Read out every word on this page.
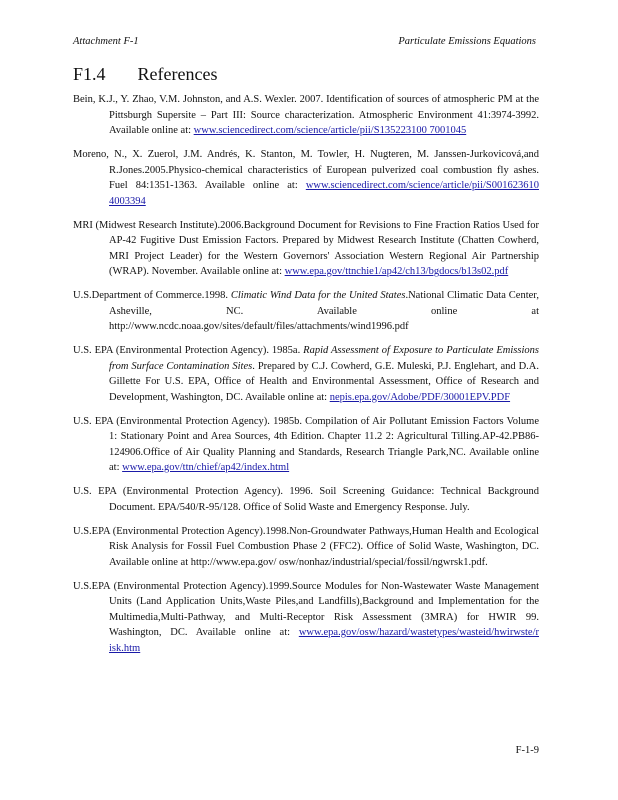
Attachment F-1	Particulate Emissions Equations
F1.4 References

Bein, K.J., Y. Zhao, V.M. Johnston, and A.S. Wexler. 2007. Identification of sources of atmospheric PM at the Pittsburgh Supersite – Part III: Source characterization. Atmospheric Environment 41:3974-3992. Available online at: www.sciencedirect.com/science/article/pii/S135223100 7001045

Moreno, N., X. Zuerol, J.M. Andrés, K. Stanton, M. Towler, H. Nugteren, M. Janssen-Jurkovicová,and R.Jones.2005.Physico-chemical characteristics of European pulverized coal combustion fly ashes. Fuel 84:1351-1363. Available online at: www.sciencedirect.com/science/article/pii/S001623610 4003394

MRI (Midwest Research Institute).2006.Background Document for Revisions to Fine Fraction Ratios Used for AP-42 Fugitive Dust Emission Factors. Prepared by Midwest Research Institute (Chatten Cowherd, MRI Project Leader) for the Western Governors' Association Western Regional Air Partnership (WRAP). November. Available online at: www.epa.gov/ttnchie1/ap42/ch13/bgdocs/b13s02.pdf

U.S.Department of Commerce.1998. Climatic Wind Data for the United States.National Climatic Data Center, Asheville, NC. Available online at http://www.ncdc.noaa.gov/sites/default/files/attachments/wind1996.pdf

U.S. EPA (Environmental Protection Agency). 1985a. Rapid Assessment of Exposure to Particulate Emissions from Surface Contamination Sites. Prepared by C.J. Cowherd, G.E. Muleski, P.J. Englehart, and D.A. Gillette For U.S. EPA, Office of Health and Environmental Assessment, Office of Research and Development, Washington, DC. Available online at: nepis.epa.gov/Adobe/PDF/30001EPV.PDF

U.S. EPA (Environmental Protection Agency). 1985b. Compilation of Air Pollutant Emission Factors Volume 1: Stationary Point and Area Sources, 4th Edition. Chapter 11.2 2: Agricultural Tilling.AP-42.PB86-124906.Office of Air Quality Planning and Standards, Research Triangle Park,NC. Available online at: www.epa.gov/ttn/chief/ap42/index.html

U.S. EPA (Environmental Protection Agency). 1996. Soil Screening Guidance: Technical Background Document. EPA/540/R-95/128. Office of Solid Waste and Emergency Response. July.

U.S.EPA (Environmental Protection Agency).1998.Non-Groundwater Pathways,Human Health and Ecological Risk Analysis for Fossil Fuel Combustion Phase 2 (FFC2). Office of Solid Waste, Washington, DC. Available online at http://www.epa.gov/ osw/nonhaz/industrial/special/fossil/ngwrsk1.pdf.

U.S.EPA (Environmental Protection Agency).1999.Source Modules for Non-Wastewater Waste Management Units (Land Application Units,Waste Piles,and Landfills),Background and Implementation for the Multimedia,Multi-Pathway, and Multi-Receptor Risk Assessment (3MRA) for HWIR 99. Washington, DC. Available online at: www.epa.gov/osw/hazard/wastetypes/wasteid/hwirwste/r isk.htm

F-1-9
